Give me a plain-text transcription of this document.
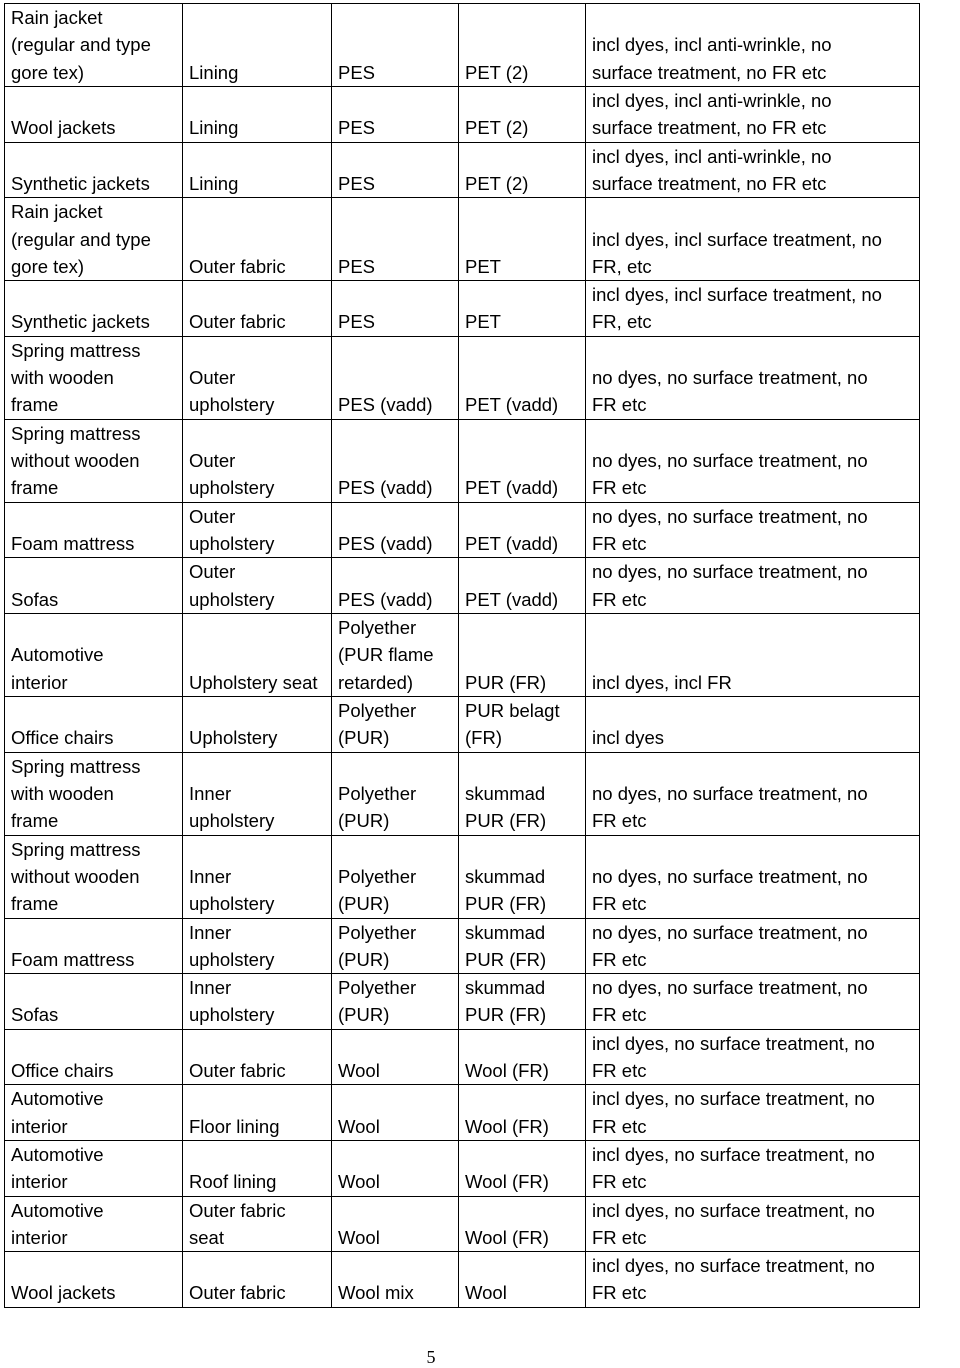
Rain jacket
(regular and type
gore tex)	Lining	PES	PET (2)	incl dyes, incl anti-wrinkle, no
surface treatment, no FR etc
Wool jackets	Lining	PES	PET (2)	incl dyes, incl anti-wrinkle, no
surface treatment, no FR etc
Synthetic jackets	Lining	PES	PET (2)	incl dyes, incl anti-wrinkle, no
surface treatment, no FR etc
Rain jacket
(regular and type
gore tex)	Outer fabric	PES	PET	incl dyes, incl surface treatment, no
FR, etc
Synthetic jackets	Outer fabric	PES	PET	incl dyes, incl surface treatment, no
FR, etc
Spring mattress
with wooden
frame	Outer
upholstery	PES (vadd)	PET (vadd)	no dyes, no surface treatment, no
FR etc
Spring mattress
without wooden
frame	Outer
upholstery	PES (vadd)	PET (vadd)	no dyes, no surface treatment, no
FR etc
Foam mattress	Outer
upholstery	PES (vadd)	PET (vadd)	no dyes, no surface treatment, no
FR etc
Sofas	Outer
upholstery	PES (vadd)	PET (vadd)	no dyes, no surface treatment, no
FR etc
Automotive
interior	Upholstery seat	Polyether
(PUR flame
retarded)	PUR (FR)	incl dyes, incl FR
Office chairs	Upholstery	Polyether
(PUR)	PUR belagt
(FR)	incl dyes
Spring mattress
with wooden
frame	Inner
upholstery	Polyether
(PUR)	skummad
PUR (FR)	no dyes, no surface treatment, no
FR etc
Spring mattress
without wooden
frame	Inner
upholstery	Polyether
(PUR)	skummad
PUR (FR)	no dyes, no surface treatment, no
FR etc
Foam mattress	Inner
upholstery	Polyether
(PUR)	skummad
PUR (FR)	no dyes, no surface treatment, no
FR etc
Sofas	Inner
upholstery	Polyether
(PUR)	skummad
PUR (FR)	no dyes, no surface treatment, no
FR etc
Office chairs	Outer fabric	Wool	Wool (FR)	incl dyes, no surface treatment, no
FR etc
Automotive
interior	Floor lining	Wool	Wool (FR)	incl dyes, no surface treatment, no
FR etc
Automotive
interior	Roof lining	Wool	Wool (FR)	incl dyes, no surface treatment, no
FR etc
Automotive
interior	Outer fabric
seat	Wool	Wool (FR)	incl dyes, no surface treatment, no
FR etc
Wool jackets	Outer fabric	Wool mix	Wool	incl dyes, no surface treatment, no
FR etc
5
